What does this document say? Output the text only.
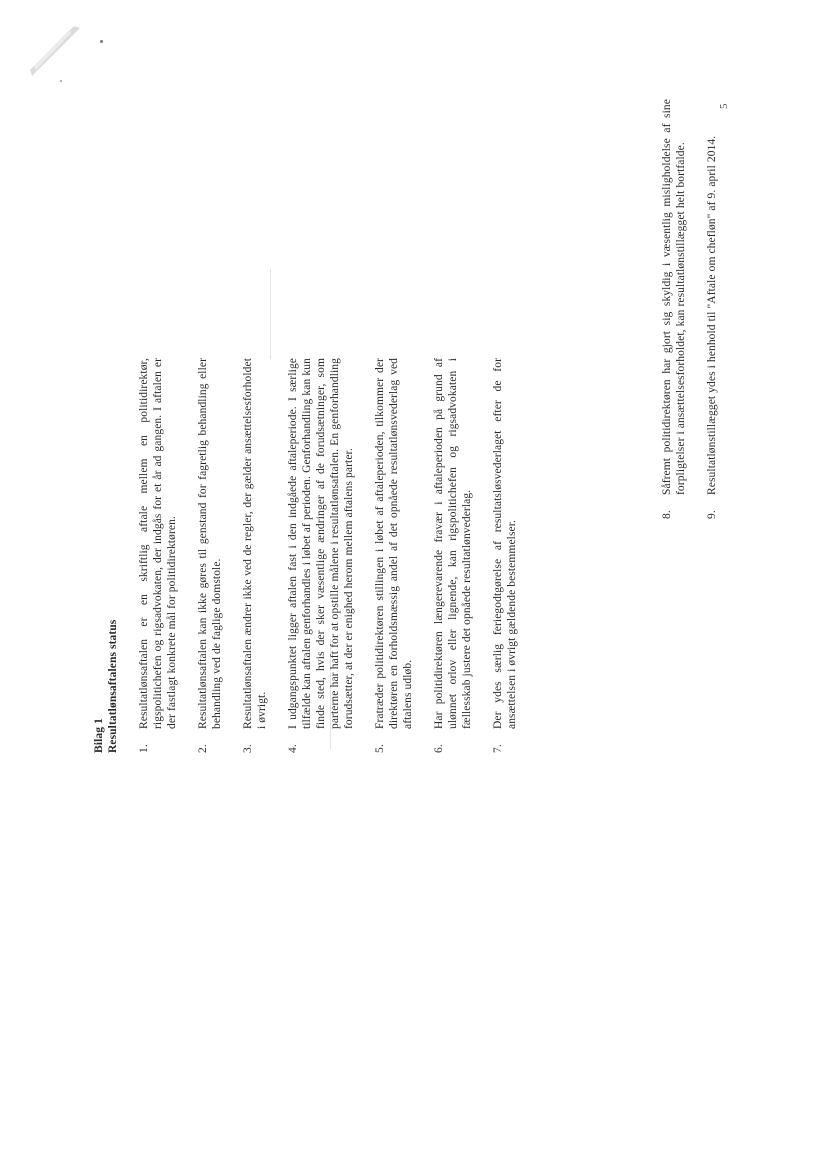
Bilag 1 Resultatlønsaftalens status 1.
Resultatlønsaftalen er en skriftlig aftale mellem en politidirektør, rigspolitichefen og rigsadvokaten, der indgås for et år ad gangen. I aftalen er der fastlagt konkrete mål for politidirektøren.
2.
Resultatlønsaftalen kan ikke gøres til genstand for fagretlig behandling eller behandling ved de faglige domstole.
3.
Resultatlønsaftalen ændrer ikke ved de regler, der gælder ansættelsesforholdet i øvrigt.
4.
I udgangspunktet ligger aftalen fast i den indgåede aftaleperiode. I særlige tilfælde kan aftalen genforhandles i løbet af perioden. Genforhandling kan kun finde sted, hvis der sker væsentlige ændringer af de forudsætninger, som parterne har haft for at opstille målene i resultatlønsaftalen. En genforhandling forudsætter, at der er enighed herom mellem aftalens parter.
5.
Fratræder politidirektøren stillingen i løbet af aftaleperioden, tilkommer der direktøren en forholdsmæssig andel af det opnåede resultatlønsvederlag ved aftalens udløb.
6.
Har politidirektøren længerevarende fravær i aftaleperioden på grund af ulønnet orlov eller lignende, kan rigspolitichefen og rigsadvokaten i fællesskab justere det opnåede resultatlønvederlag.
7.
Der ydes særlig feriegodtgørelse af resultatsløsvederlaget efter de for ansættelsen i øvrigt gældende bestemmelser.
8.
Såfremt politidirektøren har gjort sig skyldig i væsentlig misligholdelse af sine forpligtelser i ansættelsesforholdet, kan resultatlønstillægget helt bortfalde.
9.
Resultatlønstillægget ydes i henhold til "Aftale om chefløn" af 9. april 2014.
5
